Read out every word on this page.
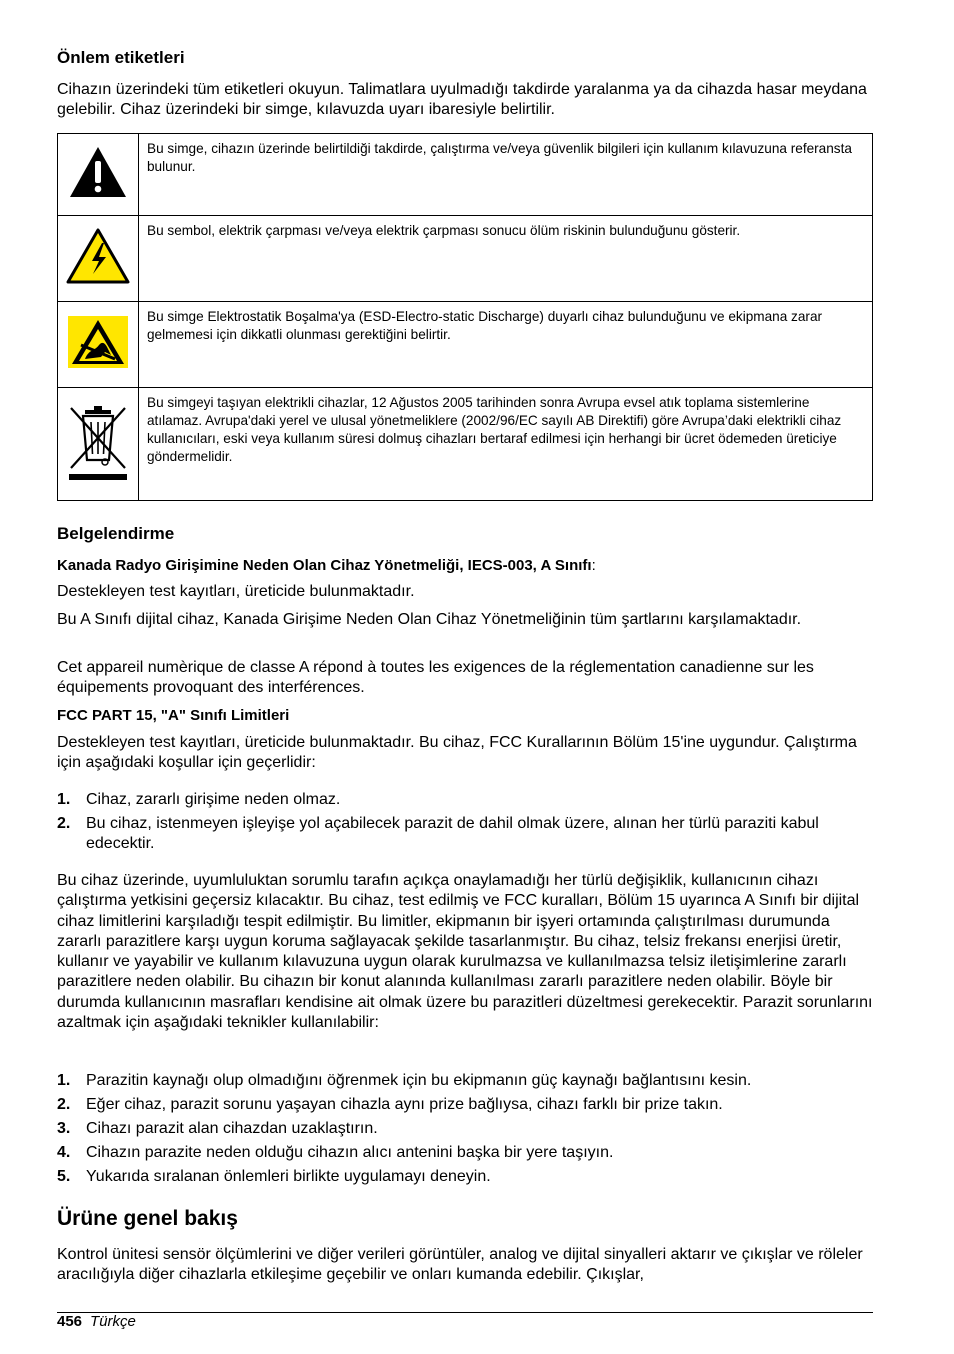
Önlem etiketleri
Cihazın üzerindeki tüm etiketleri okuyun. Talimatlara uyulmadığı takdirde yaralanma ya da cihazda hasar meydana gelebilir. Cihaz üzerindeki bir simge, kılavuzda uyarı ibaresiyle belirtilir.
	Bu simge, cihazın üzerinde belirtildiği takdirde, çalıştırma ve/veya güvenlik bilgileri için kullanım kılavuzuna referansta bulunur.
	Bu sembol, elektrik çarpması ve/veya elektrik çarpması sonucu ölüm riskinin bulunduğunu gösterir.
	Bu simge Elektrostatik Boşalma'ya (ESD-Electro-static Discharge) duyarlı cihaz bulunduğunu ve ekipmana zarar gelmemesi için dikkatli olunması gerektiğini belirtir.
	Bu simgeyi taşıyan elektrikli cihazlar, 12 Ağustos 2005 tarihinden sonra Avrupa evsel atık toplama sistemlerine atılamaz. Avrupa'daki yerel ve ulusal yönetmeliklere (2002/96/EC sayılı AB Direktifi) göre Avrupa’daki elektrikli cihaz kullanıcıları, eski veya kullanım süresi dolmuş cihazları bertaraf edilmesi için herhangi bir ücret ödemeden üreticiye göndermelidir.
Belgelendirme
Kanada Radyo Girişimine Neden Olan Cihaz Yönetmeliği, IECS-003, A Sınıfı:
Destekleyen test kayıtları, üreticide bulunmaktadır.
Bu A Sınıfı dijital cihaz, Kanada Girişime Neden Olan Cihaz Yönetmeliğinin tüm şartlarını karşılamaktadır.
Cet appareil numèrique de classe A répond à toutes les exigences de la réglementation canadienne sur les équipements provoquant des interférences.
FCC PART 15, "A" Sınıfı Limitleri
Destekleyen test kayıtları, üreticide bulunmaktadır. Bu cihaz, FCC Kurallarının Bölüm 15'ine uygundur. Çalıştırma için aşağıdaki koşullar için geçerlidir:
1. Cihaz, zararlı girişime neden olmaz.
2. Bu cihaz, istenmeyen işleyişe yol açabilecek parazit de dahil olmak üzere, alınan her türlü paraziti kabul edecektir.
Bu cihaz üzerinde, uyumluluktan sorumlu tarafın açıkça onaylamadığı her türlü değişiklik, kullanıcının cihazı çalıştırma yetkisini geçersiz kılacaktır. Bu cihaz, test edilmiş ve FCC kuralları, Bölüm 15 uyarınca A Sınıfı bir dijital cihaz limitlerini karşıladığı tespit edilmiştir. Bu limitler, ekipmanın bir işyeri ortamında çalıştırılması durumunda zararlı parazitlere karşı uygun koruma sağlayacak şekilde tasarlanmıştır. Bu cihaz, telsiz frekansı enerjisi üretir, kullanır ve yayabilir ve kullanım kılavuzuna uygun olarak kurulmazsa ve kullanılmazsa telsiz iletişimlerine zararlı parazitlere neden olabilir. Bu cihazın bir konut alanında kullanılması zararlı parazitlere neden olabilir. Böyle bir durumda kullanıcının masrafları kendisine ait olmak üzere bu parazitleri düzeltmesi gerekecektir. Parazit sorunlarını azaltmak için aşağıdaki teknikler kullanılabilir:
1. Parazitin kaynağı olup olmadığını öğrenmek için bu ekipmanın güç kaynağı bağlantısını kesin.
2. Eğer cihaz, parazit sorunu yaşayan cihazla aynı prize bağlıysa, cihazı farklı bir prize takın.
3. Cihazı parazit alan cihazdan uzaklaştırın.
4. Cihazın parazite neden olduğu cihazın alıcı antenini başka bir yere taşıyın.
5. Yukarıda sıralanan önlemleri birlikte uygulamayı deneyin.
Ürüne genel bakış
Kontrol ünitesi sensör ölçümlerini ve diğer verileri görüntüler, analog ve dijital sinyalleri aktarır ve çıkışlar ve röleler aracılığıyla diğer cihazlarla etkileşime geçebilir ve onları kumanda edebilir. Çıkışlar,
456 Türkçe
